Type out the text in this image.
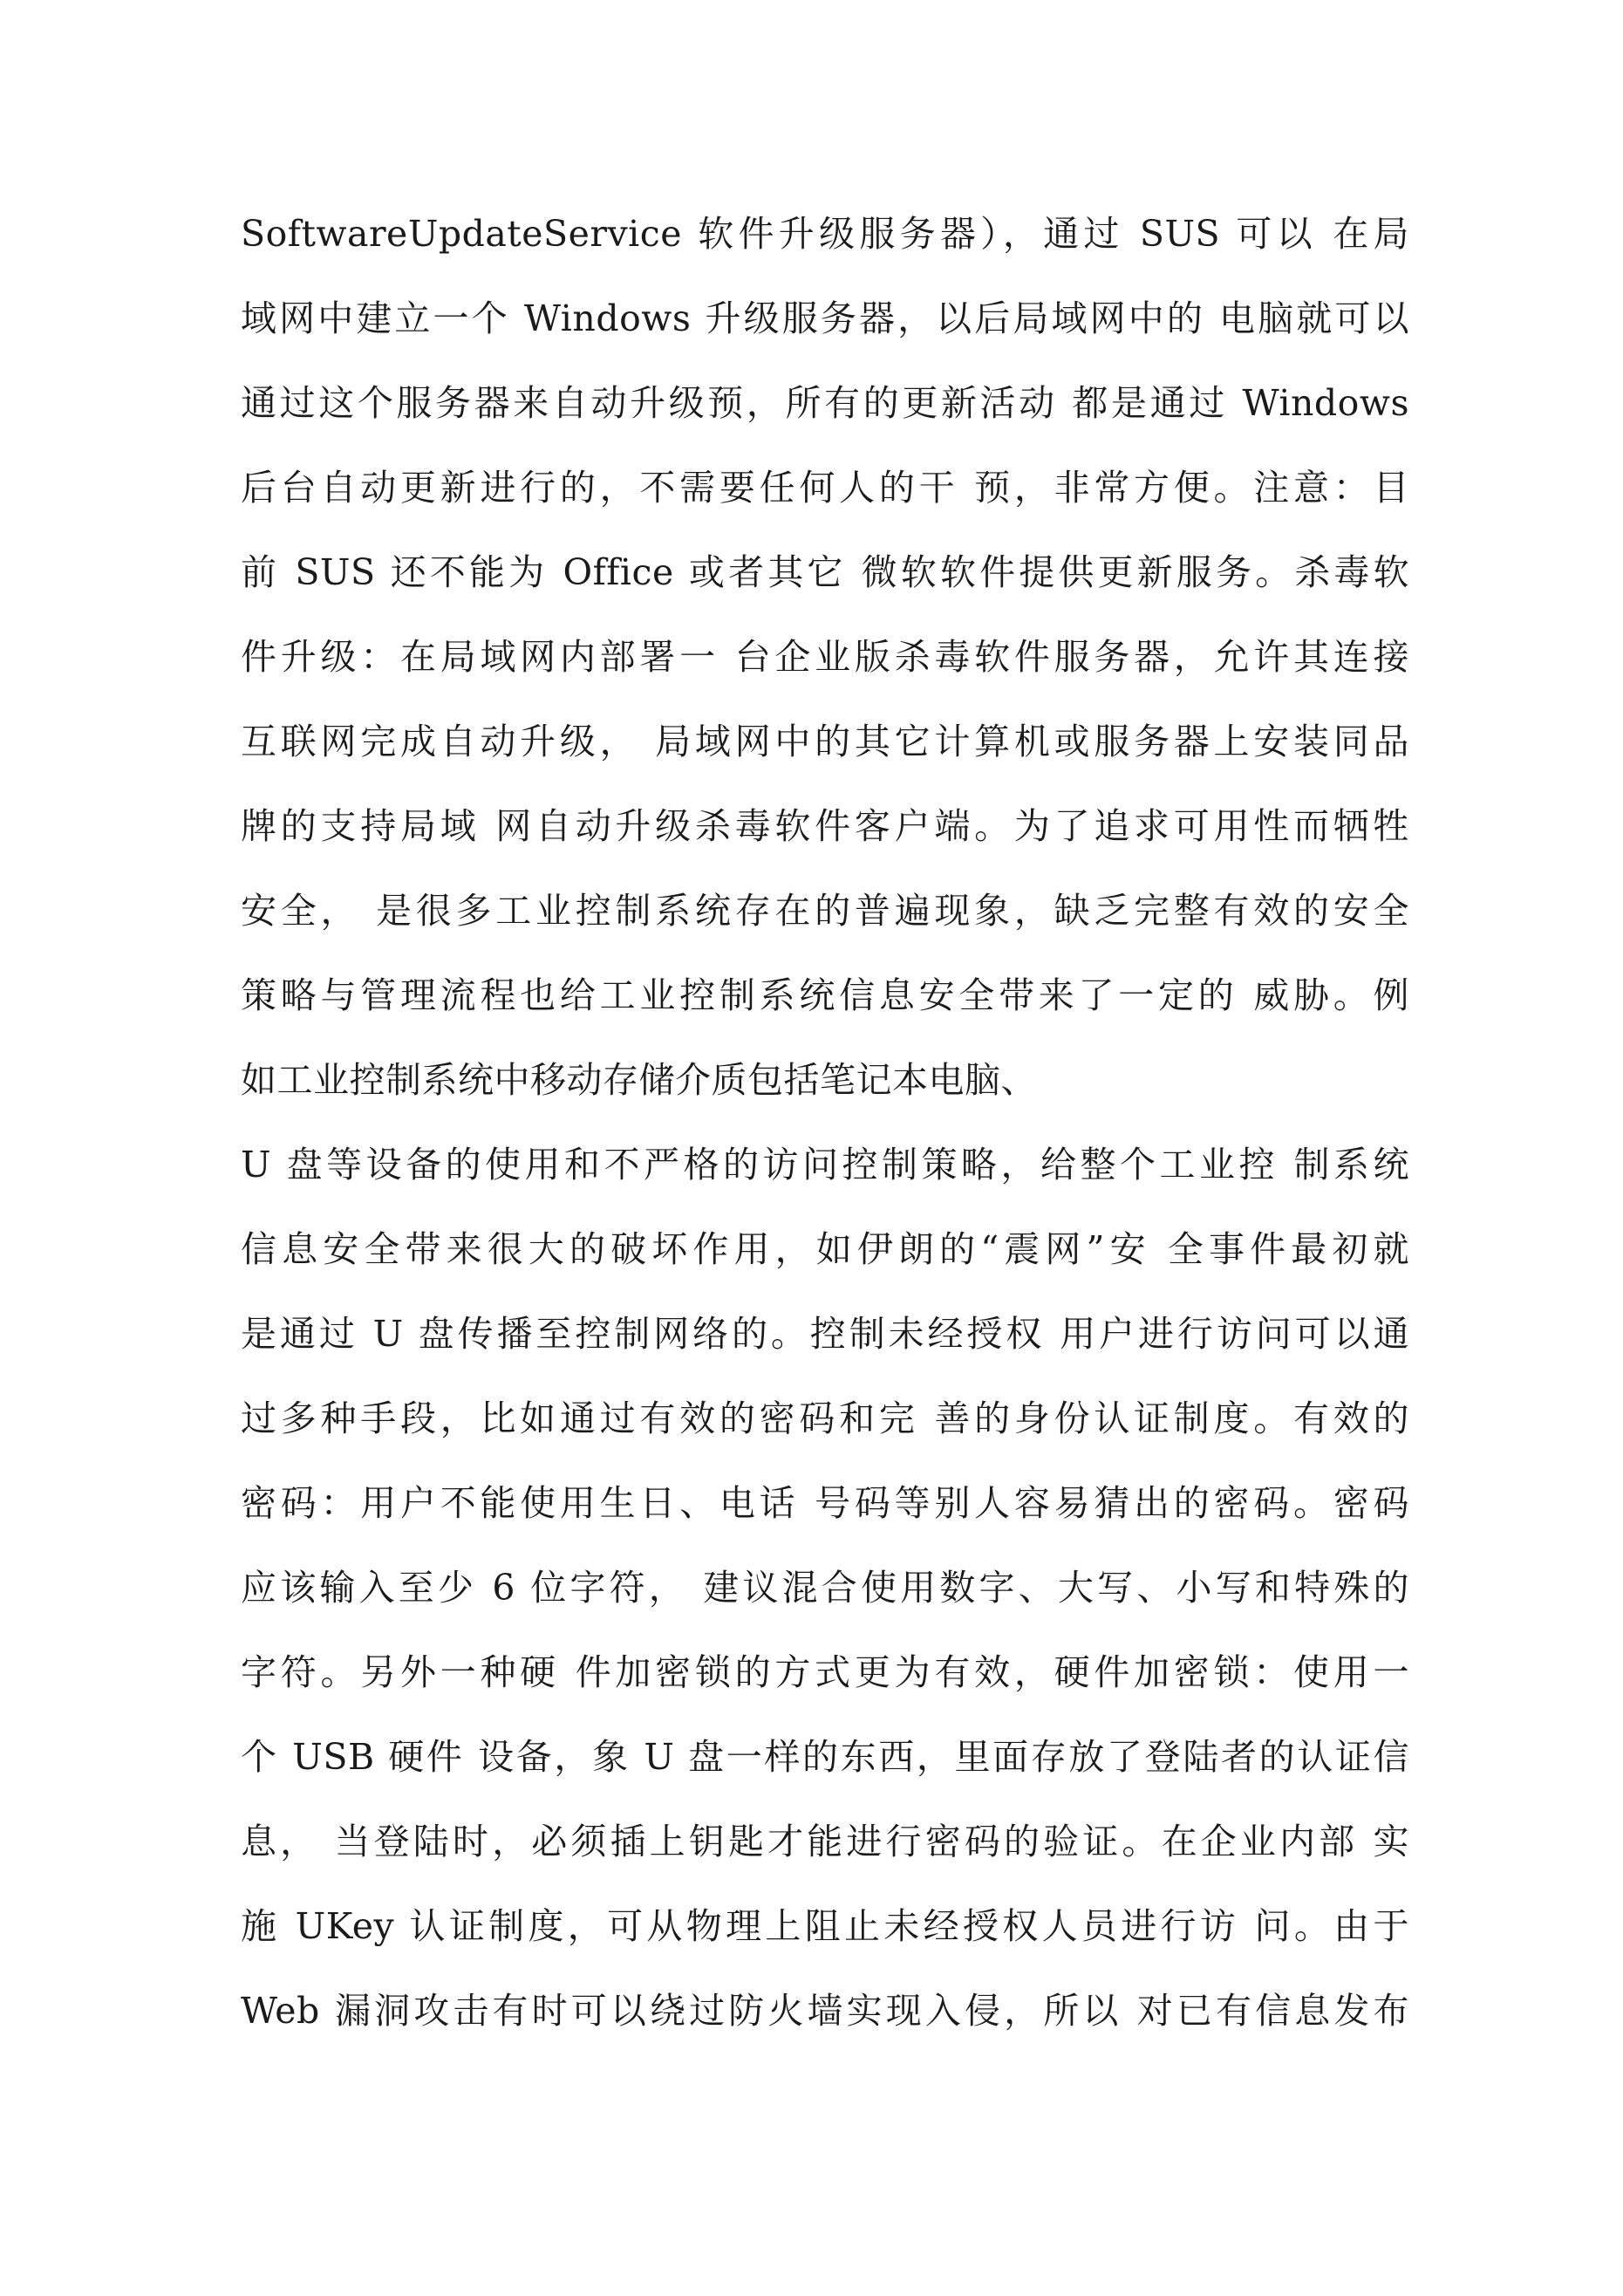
SoftwareUpdateService 软件升级服务器），通过 SUS 可以 在局
域网中建立一个 Windows 升级服务器，以后局域网中的 电脑就可以
通过这个服务器来自动升级预，所有的更新活动 都是通过 Windows
后台自动更新进行的，不需要任何人的干 预，非常方便。注意：目
前 SUS 还不能为 Office 或者其它 微软软件提供更新服务。杀毒软
件升级：在局域网内部署一 台企业版杀毒软件服务器，允许其连接
互联网完成自动升级， 局域网中的其它计算机或服务器上安装同品
牌的支持局域 网自动升级杀毒软件客户端。为了追求可用性而牺牲
安全， 是很多工业控制系统存在的普遍现象，缺乏完整有效的安全
策略与管理流程也给工业控制系统信息安全带来了一定的 威胁。例
如工业控制系统中移动存储介质包括笔记本电脑、
U 盘等设备的使用和不严格的访问控制策略，给整个工业控 制系统
信息安全带来很大的破坏作用，如伊朗的“震网”安 全事件最初就
是通过 U 盘传播至控制网络的。控制未经授权 用户进行访问可以通
过多种手段，比如通过有效的密码和完 善的身份认证制度。有效的
密码：用户不能使用生日、电话 号码等别人容易猜出的密码。密码
应该输入至少 6 位字符， 建议混合使用数字、大写、小写和特殊的
字符。另外一种硬 件加密锁的方式更为有效，硬件加密锁：使用一
个 USB 硬件 设备，象 U 盘一样的东西，里面存放了登陆者的认证信
息， 当登陆时，必须插上钥匙才能进行密码的验证。在企业内部 实
施 UKey 认证制度，可从物理上阻止未经授权人员进行访 问。由于
Web 漏洞攻击有时可以绕过防火墙实现入侵，所以 对已有信息发布
